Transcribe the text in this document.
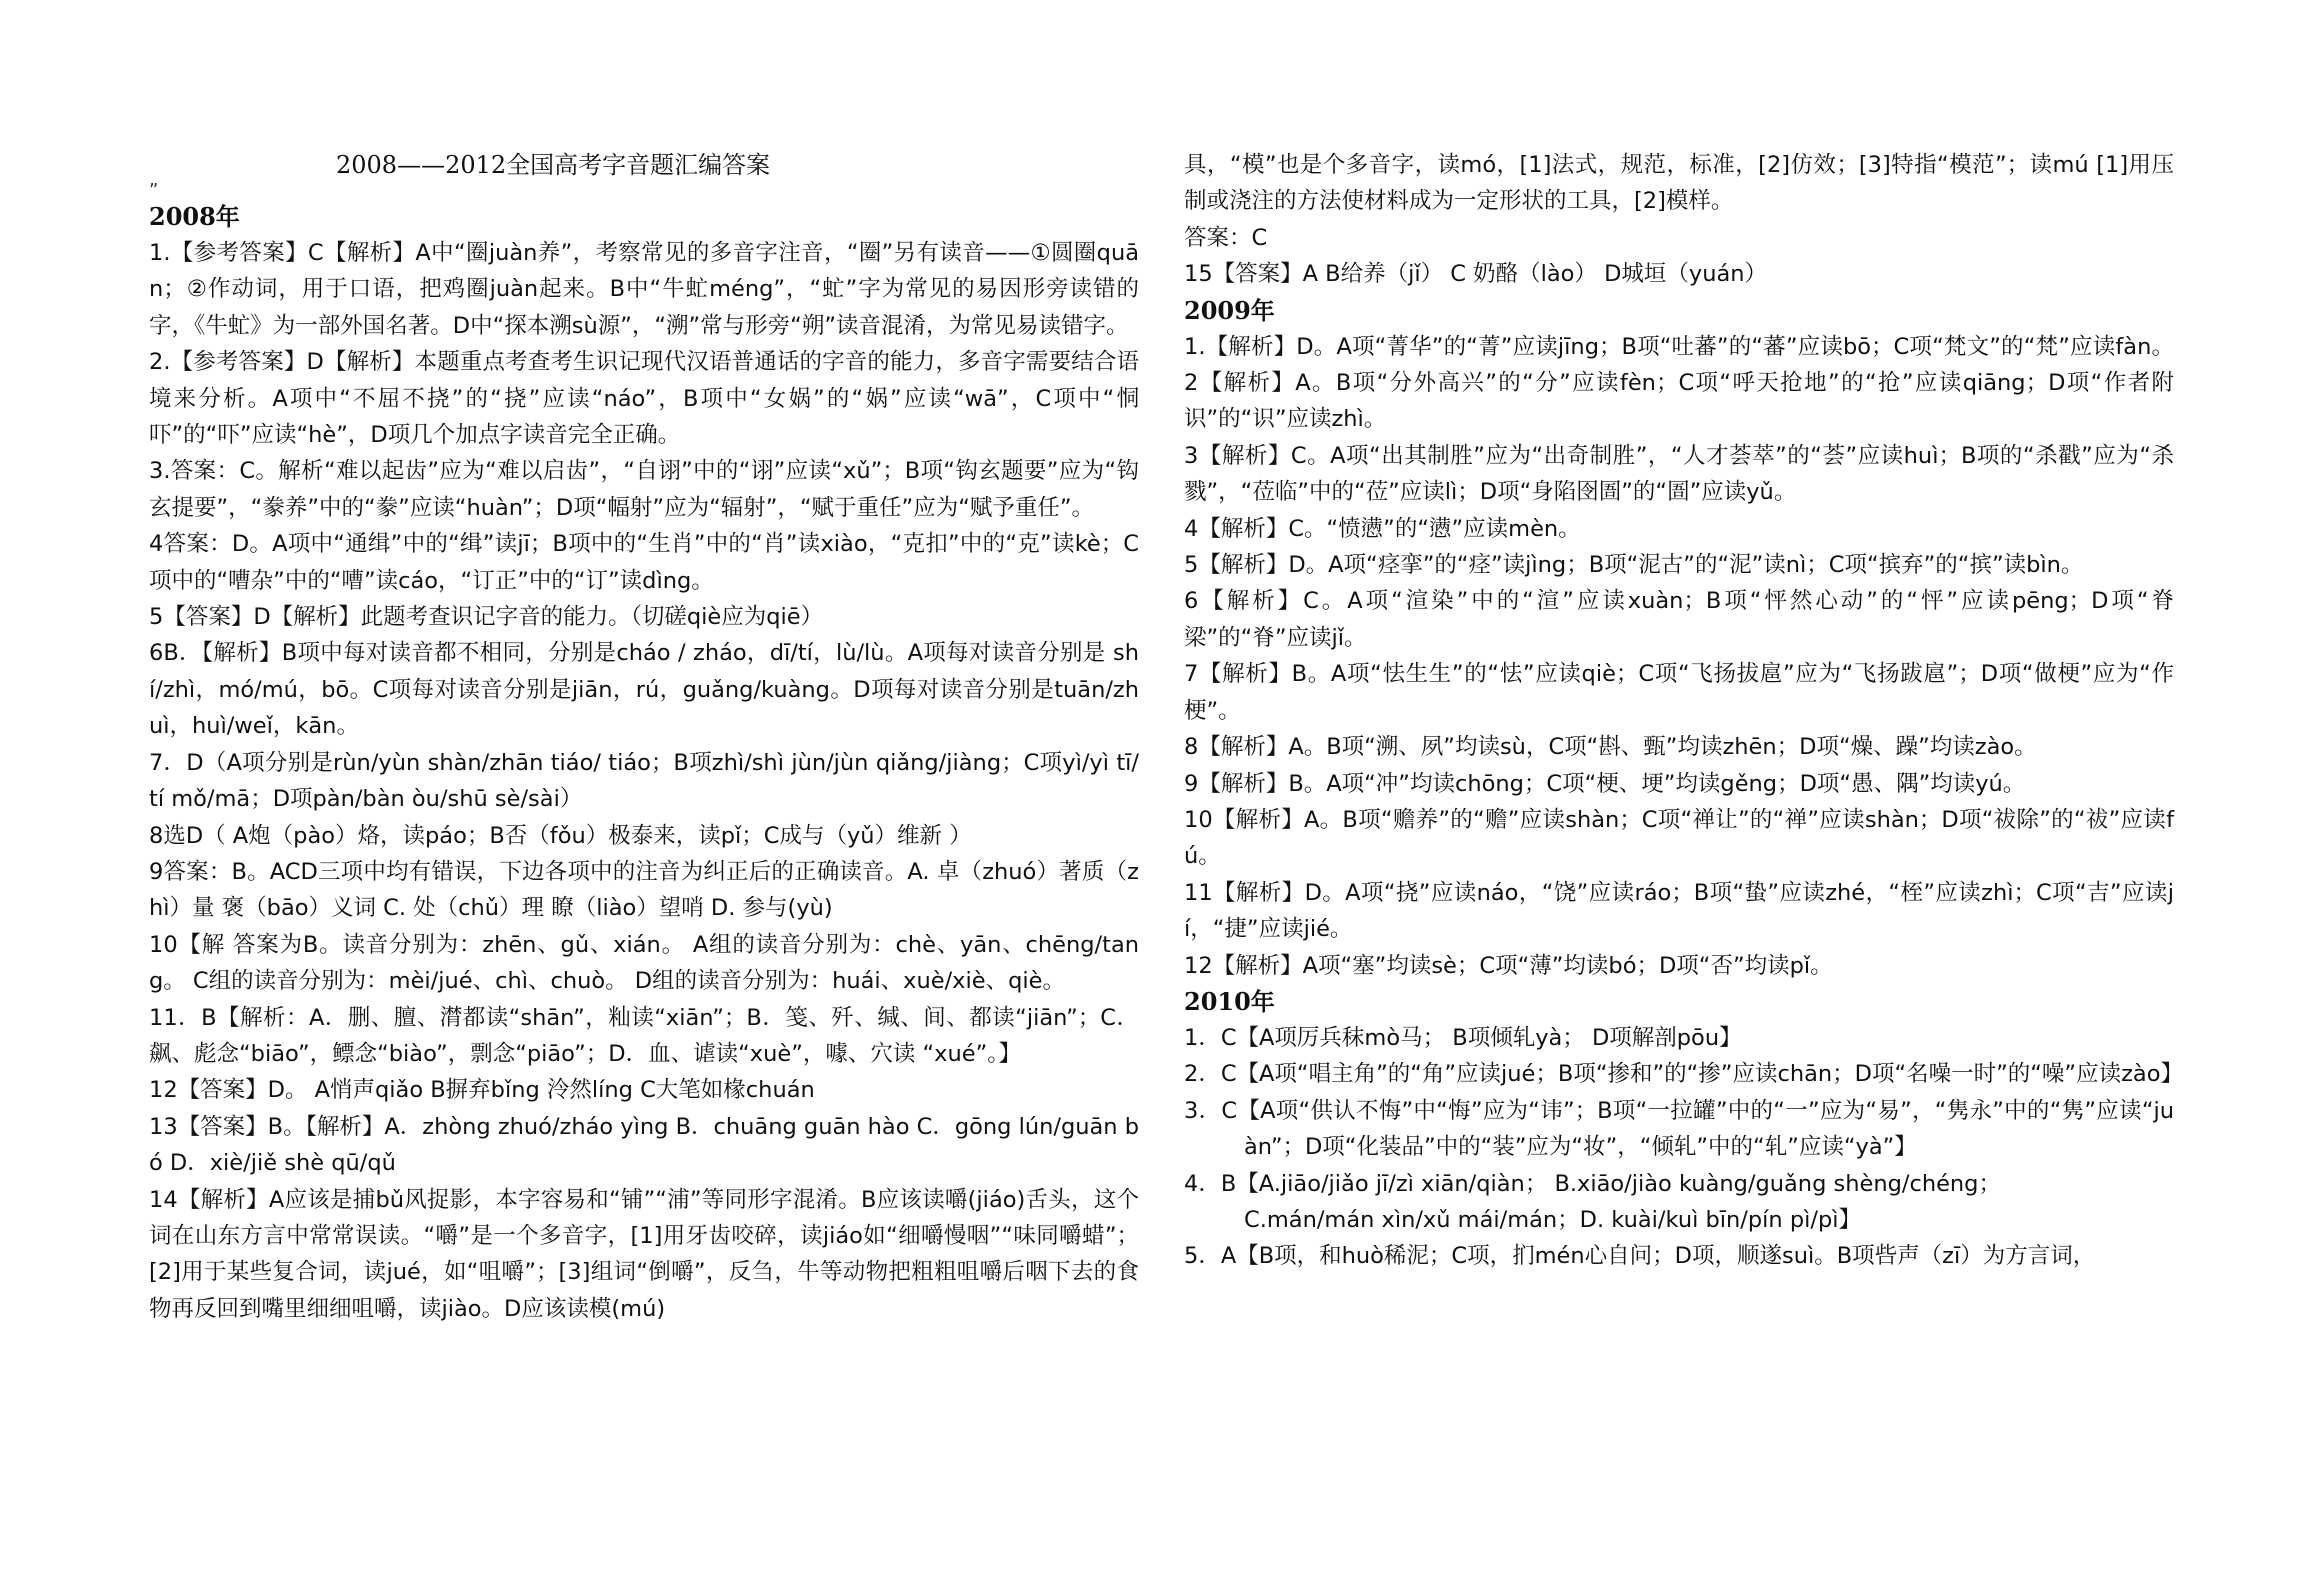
2008——2012全国高考字音题汇编答案
”
2008年

1.【参考答案】C【解析】A中“圈juàn养”，考察常见的多音字注音，“圈”另有读音——①圆圈quān；②作动词，用于口语，把鸡圈juàn起来。B中“牛虻méng”，“虻”字为常见的易因形旁读错的字，《牛虻》为一部外国名著。D中“探本溯sù源”，“溯”常与形旁“朔”读音混淆，为常见易读错字。

2.【参考答案】D【解析】本题重点考查考生识记现代汉语普通话的字音的能力，多音字需要结合语境来分析。A项中“不屈不挠”的“挠”应读“náo”，B项中“女娲”的“娲”应读“wā”，C项中“恫吓”的“吓”应读“hè”，D项几个加点字读音完全正确。

3.答案：C。解析“难以起齿”应为“难以启齿”，“自诩”中的“诩”应读“xǔ”；B项“钩玄题要”应为“钩玄提要”，“豢养”中的“豢”应读“huàn”；D项“幅射”应为“辐射”，“赋于重任”应为“赋予重任”。

4答案：D。A项中“通缉”中的“缉”读jī；B项中的“生肖”中的“肖”读xiào，“克扣”中的“克”读kè；C项中的“嘈杂”中的“嘈”读cáo，“订正”中的“订”读dìng。

5【答案】D【解析】此题考查识记字音的能力。（切磋qiè应为qiē）

6B．【解析】B项中每对读音都不相同，分别是cháo / zháo，dī/tí，lù/lù。A项每对读音分别是 shí/zhì，mó/mú，bō。C项每对读音分别是jiān，rú，guǎng/kuàng。D项每对读音分别是tuān/zhuì，huì/weǐ，kān。

7．D（A项分别是rùn/yùn shàn/zhān tiáo/ tiáo；B项zhì/shì jùn/jùn qiǎng/jiàng；C项yì/yì tī/tí mǒ/mā；D项pàn/bàn òu/shū sè/sài）

8选D（ A炮（pào）烙，读páo；B否（fǒu）极泰来，读pǐ；C成与（yǔ）维新 ）

9答案：B。ACD三项中均有错误，下边各项中的注音为纠正后的正确读音。A. 卓（zhuó）著质（zhì）量 褒（bāo）义词 C. 处（chǔ）理 瞭（liào）望哨 D. 参与(yù)

10【解 答案为B。读音分别为：zhēn、gǔ、xián。 A组的读音分别为：chè、yān、chēng/tang。 C组的读音分别为：mèi/jué、chì、chuò。 D组的读音分别为：huái、xuè/xiè、qiè。

11．B【解析：A．删、膻、潸都读“shān”，籼读“xiān”；B．笺、歼、缄、间、都读“jiān”；C．飙、彪念“biāo”，鳔念“biào”，剽念“piāo”；D．血、谑读“xuè”，噱、穴读 “xué”。】

12【答案】D。 A悄声qiǎo B摒弃bǐng 泠然líng C大笔如椽chuán

13【答案】B。【解析】A．zhòng zhuó/zháo yìng B．chuāng guān hào C．gōng lún/guān bó D．xiè/jiě shè qū/qǔ

14【解析】A应该是捕bǔ风捉影，本字容易和“铺”“浦”等同形字混淆。B应该读嚼(jiáo)舌头，这个词在山东方言中常常误读。“嚼”是一个多音字，[1]用牙齿咬碎，读jiáo如“细嚼慢咽”“味同嚼蜡”；[2]用于某些复合词，读jué，如“咀嚼”；[3]组词“倒嚼”，反刍，牛等动物把粗粗咀嚼后咽下去的食物再反回到嘴里细细咀嚼，读jiào。D应该读模(mú)

具，“模”也是个多音字，读mó，[1]法式，规范，标准，[2]仿效；[3]特指“模范”；读mú [1]用压制或浇注的方法使材料成为一定形状的工具，[2]模样。

答案：C

15【答案】A B给养（jǐ） C 奶酪（lào） D城垣（yuán）

2009年

1.【解析】D。A项“菁华”的“菁”应读jīng；B项“吐蕃”的“蕃”应读bō；C项“梵文”的“梵”应读fàn。2【解析】A。B项“分外高兴”的“分”应读fèn；C项“呼天抢地”的“抢”应读qiāng；D项“作者附识”的“识”应读zhì。

3【解析】C。A项“出其制胜”应为“出奇制胜”，“人才荟萃”的“荟”应读huì；B项的“杀戳”应为“杀戮”，“莅临”中的“莅”应读lì；D项“身陷囹圄”的“圄”应读yǔ。

4【解析】C。“愤懑”的“懑”应读mèn。

5【解析】D。A项“痉挛”的“痉”读jìng；B项“泥古”的“泥”读nì；C项“摈弃”的“摈”读bìn。

6【解析】C。A项“渲染”中的“渲”应读xuàn；B项“怦然心动”的“怦”应读pēng；D项“脊梁”的“脊”应读jǐ。

7【解析】B。A项“怯生生”的“怯”应读qiè；C项“飞扬拔扈”应为“飞扬跋扈”；D项“做梗”应为“作梗”。

8【解析】A。B项“溯、夙”均读sù，C项“斟、甄”均读zhēn；D项“燥、躁”均读zào。

9【解析】B。A项“冲”均读chōng；C项“梗、埂”均读gěng；D项“愚、隅”均读yú。

10【解析】A。B项“赡养”的“赡”应读shàn；C项“禅让”的“禅”应读shàn；D项“祓除”的“祓”应读fú。

11【解析】D。A项“挠”应读náo，“饶”应读ráo；B项“蛰”应读zhé，“桎”应读zhì；C项“吉”应读jí，“捷”应读jié。

12【解析】A项“塞”均读sè；C项“薄”均读bó；D项“否”均读pǐ。

2010年

1．C【A项厉兵秣mò马； B项倾轧yà； D项解剖pōu】

2．C【A项“唱主角”的“角”应读jué；B项“掺和”的“掺”应读chān；D项“名噪一时”的“噪”应读zào】

3．C【A项“供认不悔”中“悔”应为“讳”；B项“一拉罐”中的“一”应为“易”，“隽永”中的“隽”应读“juàn”；D项“化装品”中的“装”应为“妆”，“倾轧”中的“轧”应读“yà”】

4．B【A.jiāo/jiǎo jī/zì xiān/qiàn； B.xiāo/jiào kuàng/guǎng shèng/chéng；

C.mán/mán xìn/xǔ mái/mán；D. kuài/kuì bīn/pín pì/pì】

5．A【B项，和huò稀泥；C项，扪mén心自问；D项，顺遂suì。B项呰声（zī）为方言词，
